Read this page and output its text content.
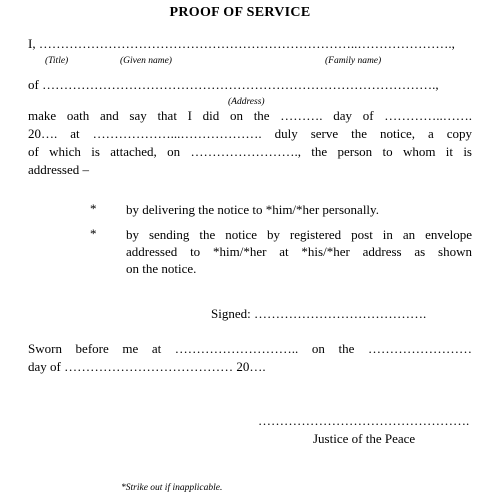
PROOF OF SERVICE
I, ………………………………………………………………..………………….,
(Title)	(Given name)	(Family name)
of ……………………………………………………………………………….,
(Address)
make oath and say that I did on the ………. day of …………..…….
20…. at ………………...………………. duly serve the notice, a copy
of which is attached, on ……………………., the person to whom it is
addressed –
* by delivering the notice to *him/*her personally.
* by sending the notice by registered post in an envelope
addressed to *him/*her at *his/*her address as shown
on the notice.
Signed: ………………………………….
Sworn before me at ……………………….. on the ……………………
day of ………………………………… 20….
………………………………………….
Justice of the Peace
*Strike out if inapplicable.
